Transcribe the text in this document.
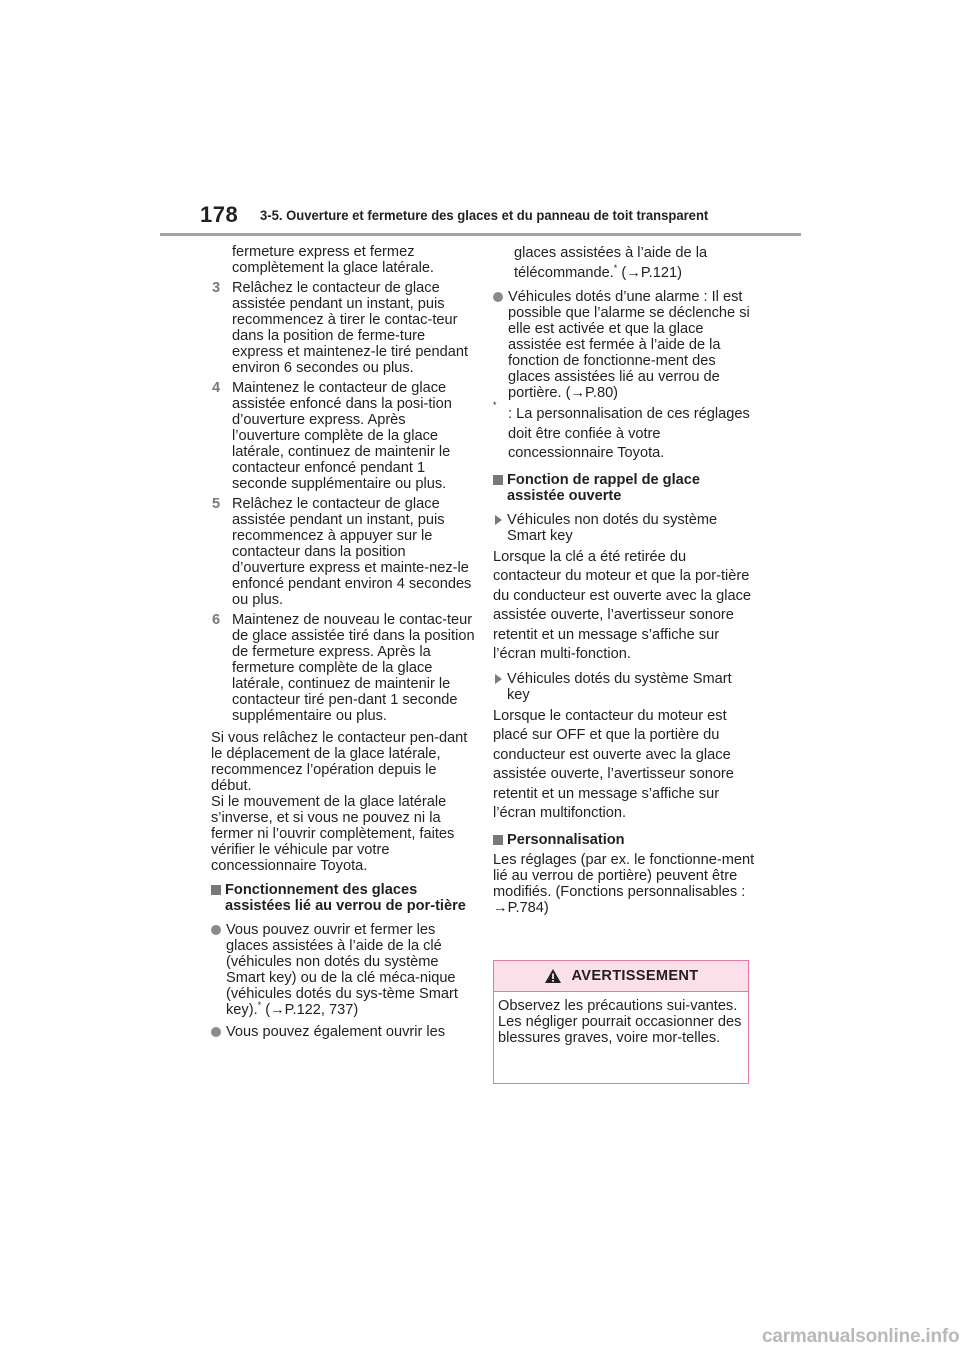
178 3-5. Ouverture et fermeture des glaces et du panneau de toit transparent

fermeture express et fermez complètement la glace latérale.

3 Relâchez le contacteur de glace assistée pendant un instant, puis recommencez à tirer le contac-teur dans la position de ferme-ture express et maintenez-le tiré pendant environ 6 secondes ou plus.
4 Maintenez le contacteur de glace assistée enfoncé dans la posi-tion d’ouverture express. Après l’ouverture complète de la glace latérale, continuez de maintenir le contacteur enfoncé pendant 1 seconde supplémentaire ou plus.
5 Relâchez le contacteur de glace assistée pendant un instant, puis recommencez à appuyer sur le contacteur dans la position d’ouverture express et mainte-nez-le enfoncé pendant environ 4 secondes ou plus.
6 Maintenez de nouveau le contac-teur de glace assistée tiré dans la position de fermeture express. Après la fermeture complète de la glace latérale, continuez de maintenir le contacteur tiré pen-dant 1 seconde supplémentaire ou plus.

Si vous relâchez le contacteur pen-dant le déplacement de la glace latérale, recommencez l’opération depuis le début.

Si le mouvement de la glace latérale s’inverse, et si vous ne pouvez ni la fermer ni l’ouvrir complètement, faites vérifier le véhicule par votre concessionnaire Toyota.

Fonctionnement des glaces assistées lié au verrou de por-tière
Vous pouvez ouvrir et fermer les glaces assistées à l’aide de la clé (véhicules non dotés du système Smart key) ou de la clé méca-nique (véhicules dotés du sys-tème Smart key).* (→P.122, 737)
Vous pouvez également ouvrir les

glaces assistées à l’aide de la télécommande.* (→P.121)

Véhicules dotés d’une alarme : Il est possible que l’alarme se déclenche si elle est activée et que la glace assistée est fermée à l’aide de la fonction de fonctionne-ment des glaces assistées lié au verrou de portière. (→P.80)
*
: La personnalisation de ces réglages doit être confiée à votre concessionnaire Toyota.
Fonction de rappel de glace assistée ouverte
Véhicules non dotés du système Smart key

Lorsque la clé a été retirée du contacteur du moteur et que la por-tière du conducteur est ouverte avec la glace assistée ouverte, l’avertisseur sonore retentit et un message s’affiche sur l’écran multi-fonction.

Véhicules dotés du système Smart key

Lorsque le contacteur du moteur est placé sur OFF et que la portière du conducteur est ouverte avec la glace assistée ouverte, l’avertisseur sonore retentit et un message s’affiche sur l’écran multifonction.

Personnalisation

Les réglages (par ex. le fonctionne-ment lié au verrou de portière) peuvent être modifiés. (Fonctions personnalisables : →P.784)

AVERTISSEMENT

Observez les précautions sui-vantes.

Les négliger pourrait occasionner des blessures graves, voire mor-telles.

carmanualsonline.info
